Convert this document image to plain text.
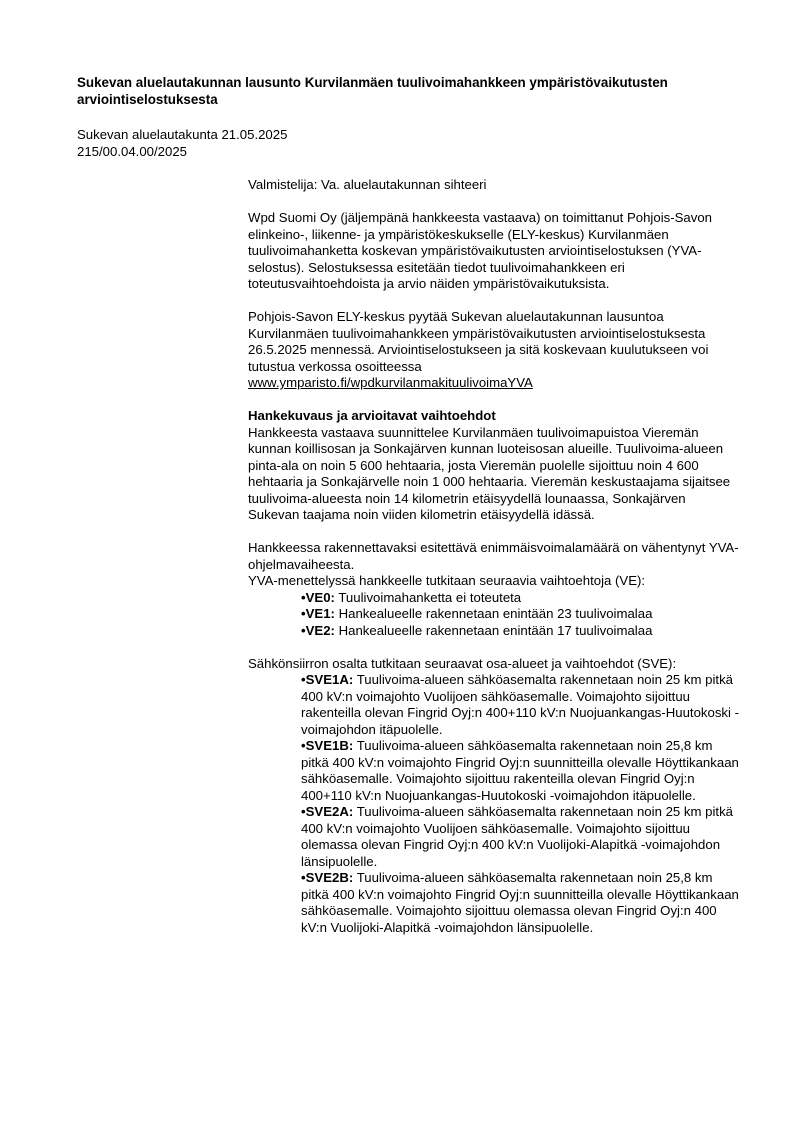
Sukevan aluelautakunnan lausunto Kurvilanmäen tuulivoimahankkeen ympäristövaikutusten arviointiselostuksesta
Sukevan aluelautakunta 21.05.2025
215/00.04.00/2025

Valmistelija: Va. aluelautakunnan sihteeri

Wpd Suomi Oy (jäljempänä hankkeesta vastaava) on toimittanut Pohjois-Savon elinkeino-, liikenne- ja ympäristökeskukselle (ELY-keskus) Kurvilanmäen tuulivoimahanketta koskevan ympäristövaikutusten arviointiselostuksen (YVA-selostus). Selostuksessa esitetään tiedot tuulivoimahankkeen eri toteutusvaihtoehdoista ja arvio näiden ympäristövaikutuksista.

Pohjois-Savon ELY-keskus pyytää Sukevan aluelautakunnan lausuntoa Kurvilanmäen tuulivoimahankkeen ympäristövaikutusten arviointiselostuksesta 26.5.2025 mennessä. Arviointiselostukseen ja sitä koskevaan kuulutukseen voi tutustua verkossa osoitteessa
www.ymparisto.fi/wpdkurvilanmakituulivoimaYVA

Hankekuvaus ja arvioitavat vaihtoehdot

Hankkeesta vastaava suunnittelee Kurvilanmäen tuulivoimapuistoa Vieremän kunnan koillisosan ja Sonkajärven kunnan luoteisosan alueille. Tuulivoima-alueen pinta-ala on noin 5 600 hehtaaria, josta Vieremän puolelle sijoittuu noin 4 600 hehtaaria ja Sonkajärvelle noin 1 000 hehtaaria. Vieremän keskustaajama sijaitsee tuulivoima-alueesta noin 14 kilometrin etäisyydellä lounaassa, Sonkajärven Sukevan taajama noin viiden kilometrin etäisyydellä idässä.

Hankkeessa rakennettavaksi esitettävä enimmäisvoimalamäärä on vähentynyt YVA-ohjelmavaiheesta.

YVA-menettelyssä hankkeelle tutkitaan seuraavia vaihtoehtoja (VE):

•VE0: Tuulivoimahanketta ei toteuteta
•VE1: Hankealueelle rakennetaan enintään 23 tuulivoimalaa
•VE2: Hankealueelle rakennetaan enintään 17 tuulivoimalaa

Sähkönsiirron osalta tutkitaan seuraavat osa-alueet ja vaihtoehdot (SVE):

•SVE1A: Tuulivoima-alueen sähköasemalta rakennetaan noin 25 km pitkä 400 kV:n voimajohto Vuolijoen sähköasemalle. Voimajohto sijoittuu rakenteilla olevan Fingrid Oyj:n 400+110 kV:n Nuojuankangas-Huutokoski -voimajohdon itäpuolelle.
•SVE1B: Tuulivoima-alueen sähköasemalta rakennetaan noin 25,8 km pitkä 400 kV:n voimajohto Fingrid Oyj:n suunnitteilla olevalle Höyttikankaan sähköasemalle. Voimajohto sijoittuu rakenteilla olevan Fingrid Oyj:n 400+110 kV:n Nuojuankangas-Huutokoski -voimajohdon itäpuolelle.
•SVE2A: Tuulivoima-alueen sähköasemalta rakennetaan noin 25 km pitkä 400 kV:n voimajohto Vuolijoen sähköasemalle. Voimajohto sijoittuu olemassa olevan Fingrid Oyj:n 400 kV:n Vuolijoki-Alapitkä -voimajohdon länsipuolelle.
•SVE2B: Tuulivoima-alueen sähköasemalta rakennetaan noin 25,8 km pitkä 400 kV:n voimajohto Fingrid Oyj:n suunnitteilla olevalle Höyttikankaan sähköasemalle. Voimajohto sijoittuu olemassa olevan Fingrid Oyj:n 400 kV:n Vuolijoki-Alapitkä -voimajohdon länsipuolelle.
